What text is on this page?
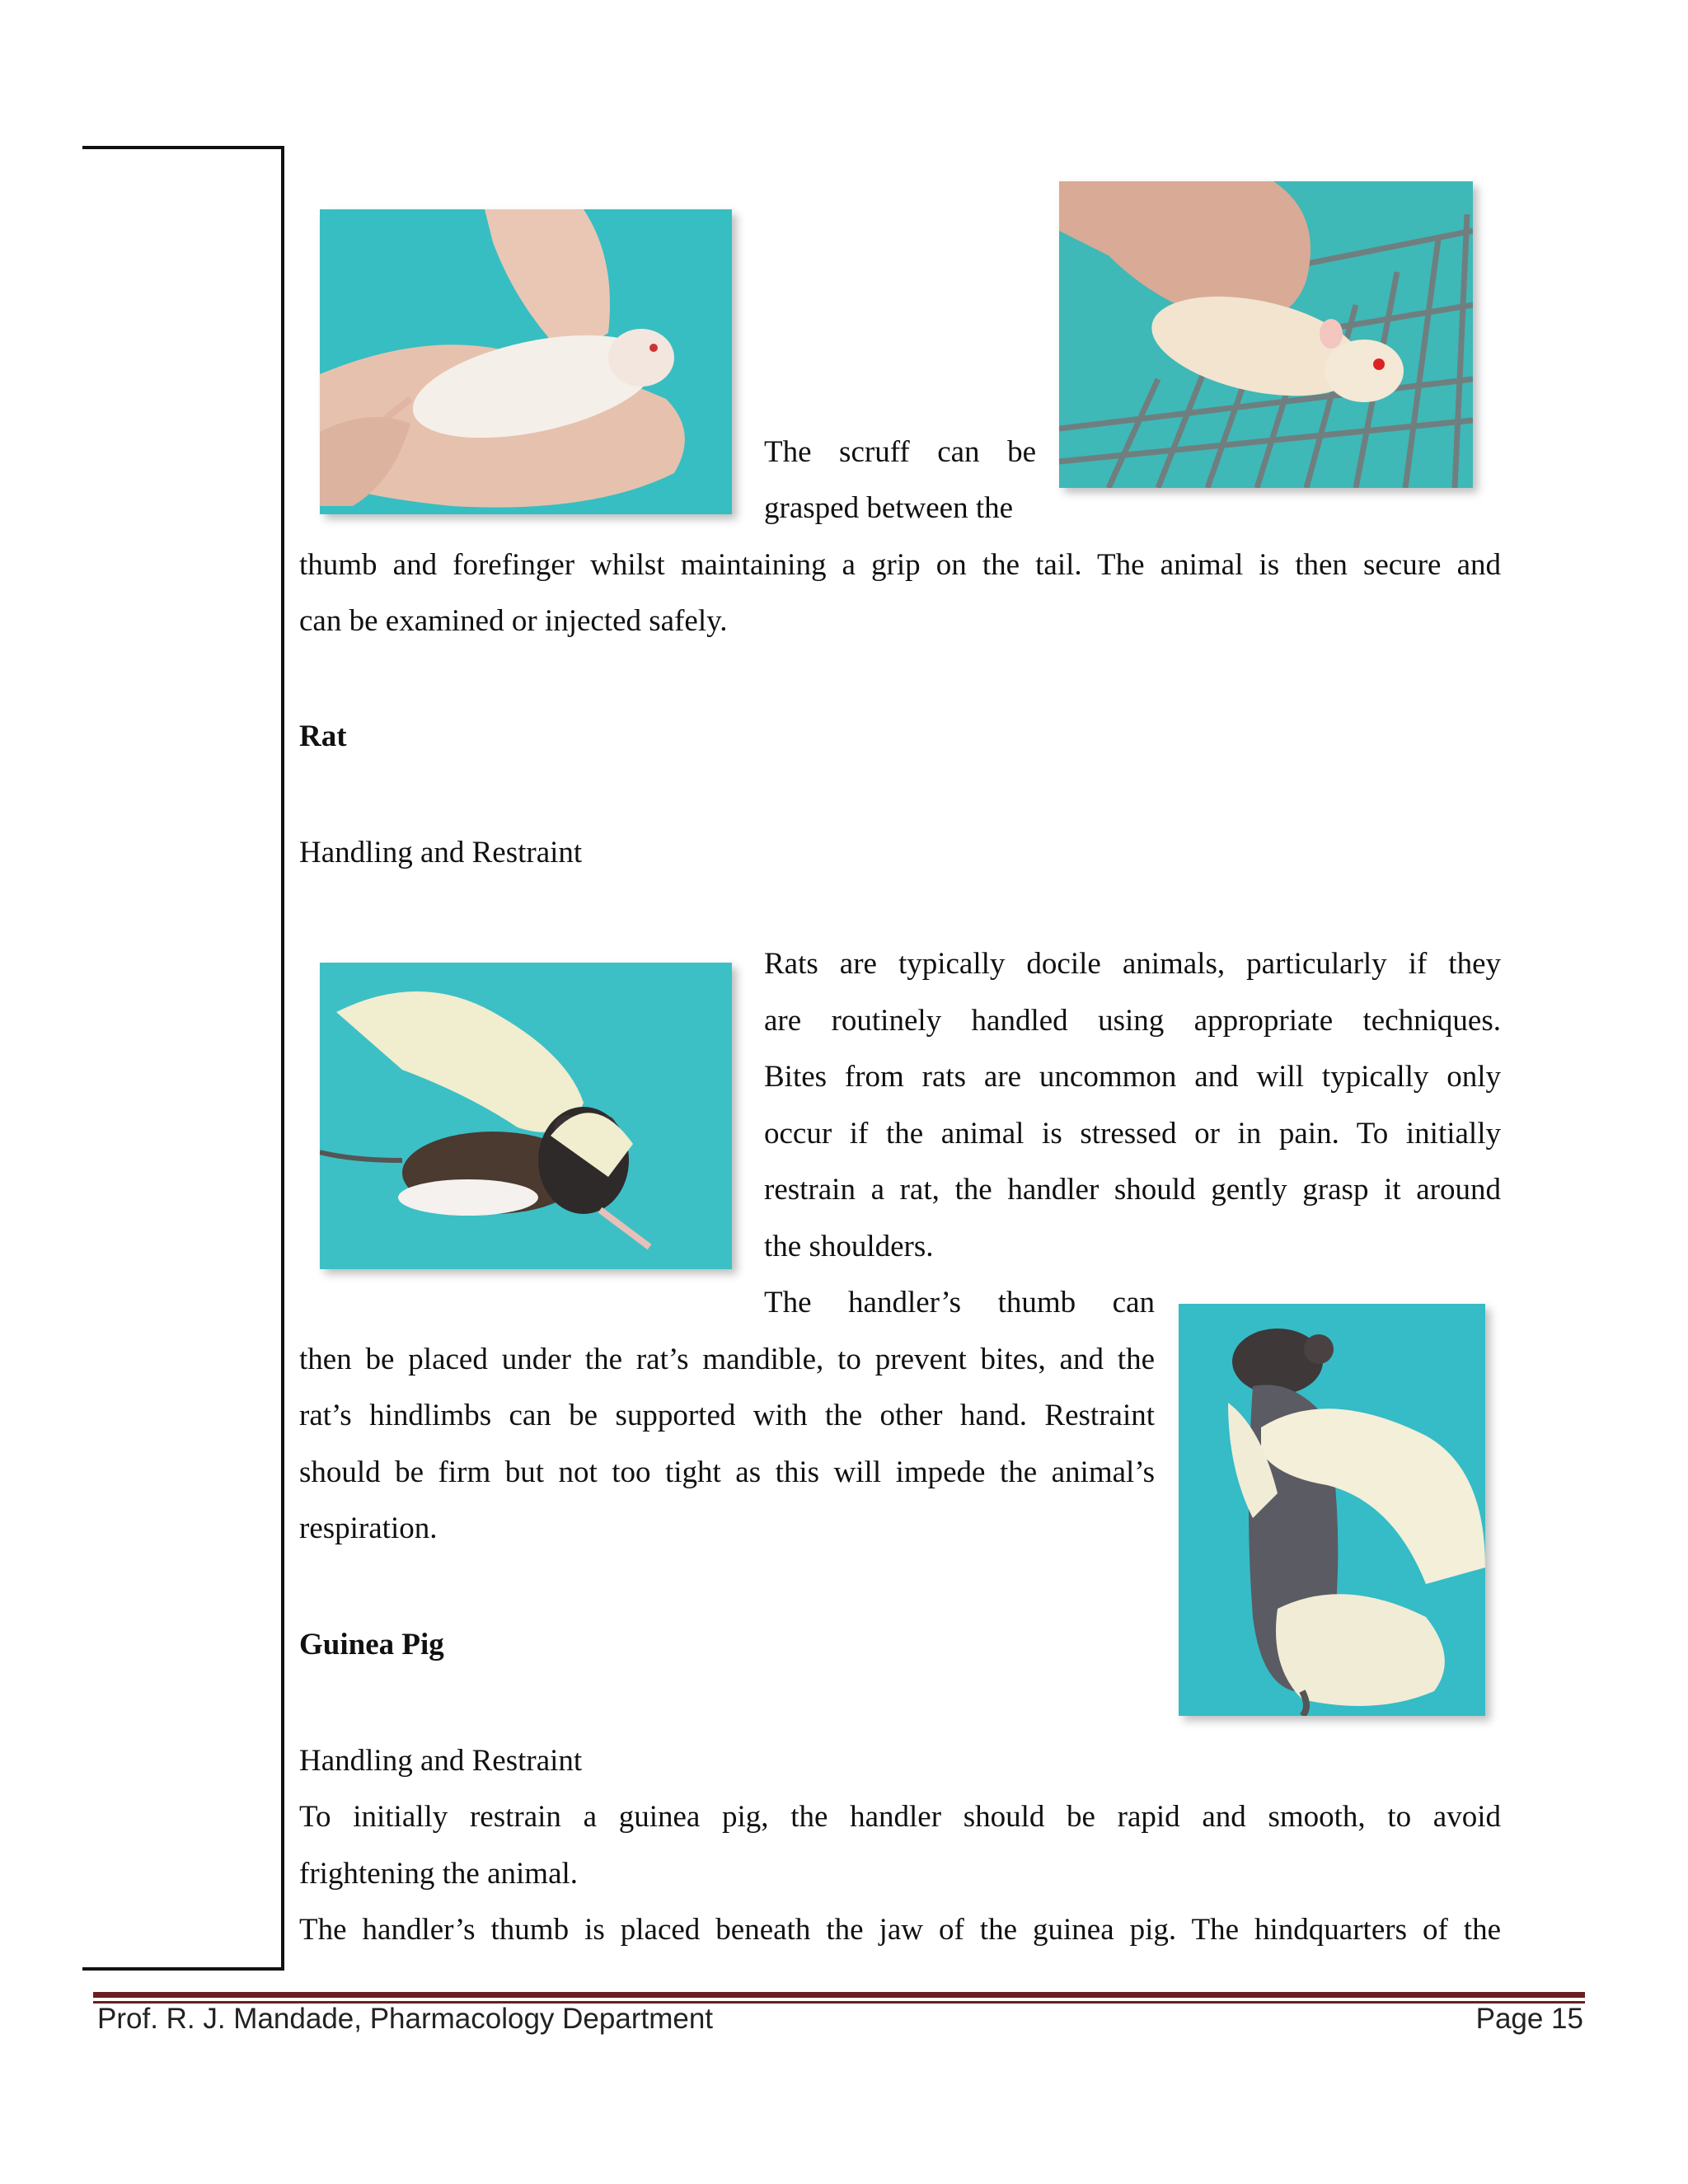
The scruff can be
grasped between the
thumb and forefinger whilst maintaining a grip on the tail. The animal is then secure and
can be examined or injected safely.
Rat
Handling and Restraint
Rats are typically docile animals, particularly if they
are routinely handled using appropriate techniques.
Bites from rats are uncommon and will typically only
occur if the animal is stressed or in pain. To initially
restrain a rat, the handler should gently grasp it around
the shoulders.
The handler’s thumb can
then be placed under the rat’s mandible, to prevent bites, and the
rat’s hindlimbs can be supported with the other hand. Restraint
should be firm but not too tight as this will impede the animal’s
respiration.
Guinea Pig
Handling and Restraint
To initially restrain a guinea pig, the handler should be rapid and smooth, to avoid
frightening the animal.
The handler’s thumb is placed beneath the jaw of the guinea pig. The hindquarters of the
Prof. R. J. Mandade, Pharmacology Department	Page 15
